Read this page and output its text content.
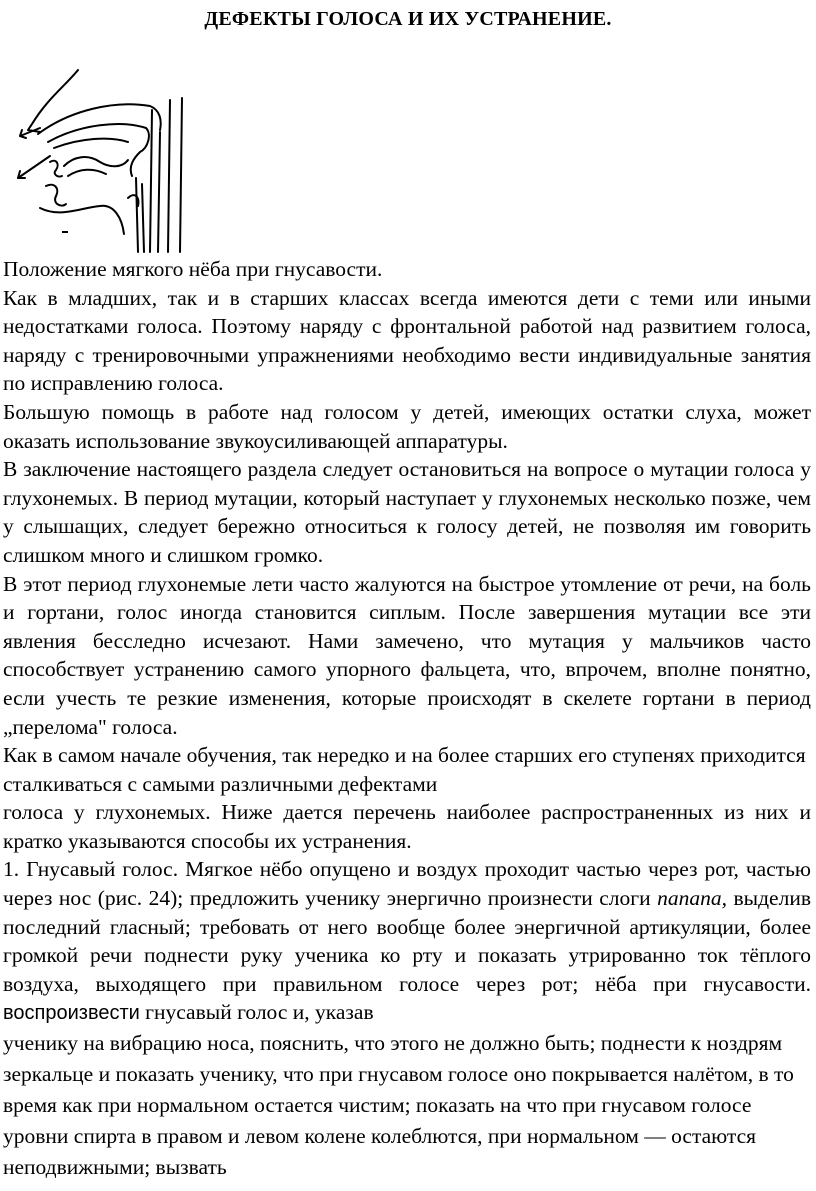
ДЕФЕКТЫ ГОЛОСА И ИХ УСТРАНЕНИЕ.

Положение мягкого нёба при гнусавости.

Как в младших, так и в старших классах всегда имеются дети с теми или иными недостатками голоса. Поэтому наряду с фронтальной работой над развитием голоса, наряду с тренировочными упражнениями необходимо вести индивидуальные занятия по исправлению голоса.

Большую помощь в работе над голосом у детей, имеющих остатки слуха, может оказать использование звукоусиливающей аппаратуры.

В заключение настоящего раздела следует остановиться на вопросе о мутации голоса у глухонемых. В период мутации, который наступает у глухонемых несколько позже, чем у слышащих, следует бережно относиться к голосу детей, не позволяя им говорить слишком много и слишком громко.

В этот период глухонемые лети часто жалуются на быстрое утомление от речи, на боль и гортани, голос иногда становится сиплым. После завершения мутации все эти явления бесследно исчезают. Нами замечено, что мутация у мальчиков часто способствует устранению самого упорного фальцета, что, впрочем, вполне понятно, если учесть те резкие изменения, которые происходят в скелете гортани в период „перелома" голоса.

Как в самом начале обучения, так нередко и на более старших его ступенях приходится сталкиваться с самыми различными дефектами

голоса у глухонемых. Ниже дается перечень наиболее распространенных из них и кратко указываются способы их устранения.

1. Гнусавый голос. Мягкое нёбо опущено и воздух проходит частью через рот, частью через нос (рис. 24); предложить ученику энергично произнести слоги папапа, выделив последний гласный; требовать от него вообще более энергичной артикуляции, более громкой речи поднести руку ученика ко рту и показать утрированно ток тёплого воздуха, выходящего при правильном голосе через рот; нёба при гнусавости. воспроизвести гнусавый голос и, указав

ученику на вибрацию носа, пояснить, что этого не должно быть; поднести к ноздрям зеркальце и показать ученику, что при гнусавом голосе оно покрывается налётом, в то время как при нормальном остается чистим; показать на что при гнусавом голосе уровни спирта в правом и левом колене колеблются, при нормальном — остаются неподвижными; вызвать
